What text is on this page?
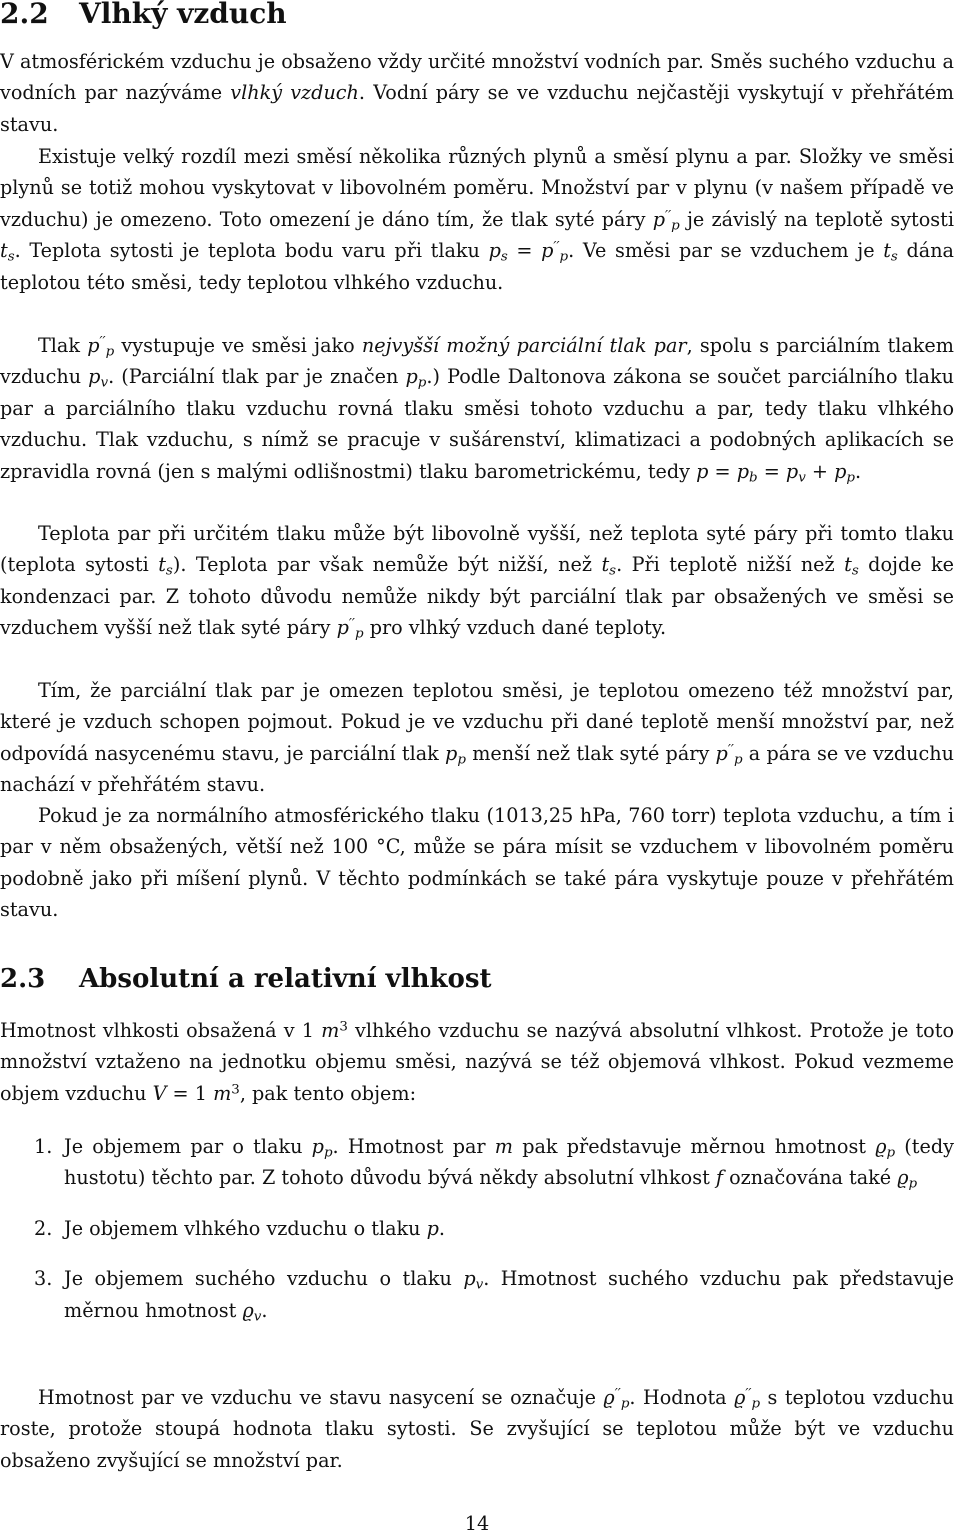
2.2 Vlhký vzduch

V atmosférickém vzduchu je obsaženo vždy určité množství vodních par. Směs suchého vzduchu a vodních par nazýváme vlhký vzduch. Vodní páry se ve vzduchu nejčastěji vyskytují v přehřátém stavu.

Existuje velký rozdíl mezi směsí několika různých plynů a směsí plynu a par. Složky ve směsi plynů se totiž mohou vyskytovat v libovolném poměru. Množství par v plynu (v našem případě ve vzduchu) je omezeno. Toto omezení je dáno tím, že tlak syté páry $p''_p$ je závislý na teplotě sytosti $t_s$. Teplota sytosti je teplota bodu varu při tlaku $p_s = p''_p$. Ve směsi par se vzduchem je $t_s$ dána teplotou této směsi, tedy teplotou vlhkého vzduchu.

Tlak $p''_p$ vystupuje ve směsi jako nejvyšší možný parciální tlak par, spolu s parciálním tlakem vzduchu $p_v$. (Parciální tlak par je značen $p_p$.) Podle Daltonova zákona se součet parciálního tlaku par a parciálního tlaku vzduchu rovná tlaku směsi tohoto vzduchu a par, tedy tlaku vlhkého vzduchu. Tlak vzduchu, s nímž se pracuje v sušárenství, klimatizaci a podobných aplikacích se zpravidla rovná (jen s malými odlišnostmi) tlaku barometrickému, tedy $p = p_b = p_v + p_p$.

Teplota par při určitém tlaku může být libovolně vyšší, než teplota syté páry při tomto tlaku (teplota sytosti $t_s$). Teplota par však nemůže být nižší, než $t_s$. Při teplotě nižší než $t_s$ dojde ke kondenzaci par. Z tohoto důvodu nemůže nikdy být parciální tlak par obsažených ve směsi se vzduchem vyšší než tlak syté páry $p''_p$ pro vlhký vzduch dané teploty.

Tím, že parciální tlak par je omezen teplotou směsi, je teplotou omezeno též množství par, které je vzduch schopen pojmout. Pokud je ve vzduchu při dané teplotě menší množství par, než odpovídá nasycenému stavu, je parciální tlak $p_p$ menší než tlak syté páry $p''_p$ a pára se ve vzduchu nachází v přehřátém stavu.

Pokud je za normálního atmosférického tlaku (1013,25 hPa, 760 torr) teplota vzduchu, a tím i par v něm obsažených, větší než 100 °C, může se pára mísit se vzduchem v libovolném poměru podobně jako při míšení plynů. V těchto podmínkách se také pára vyskytuje pouze v přehřátém stavu.

2.3 Absolutní a relativní vlhkost

Hmotnost vlhkosti obsažená v 1 $m^3$ vlhkého vzduchu se nazývá absolutní vlhkost. Protože je toto množství vztaženo na jednotku objemu směsi, nazývá se též objemová vlhkost. Pokud vezmeme objem vzduchu V = 1 $m^3$, pak tento objem:

1. Je objemem par o tlaku $p_p$. Hmotnost par m pak představuje měrnou hmotnost $ϱ_p$ (tedy hustotu) těchto par. Z tohoto důvodu bývá někdy absolutní vlhkost f označována také $ϱ_p$
2. Je objemem vlhkého vzduchu o tlaku p.
3. Je objemem suchého vzduchu o tlaku $p_v$. Hmotnost suchého vzduchu pak představuje měrnou hmotnost $ϱ_v$.

Hmotnost par ve vzduchu ve stavu nasycení se označuje $ϱ''_p$. Hodnota $ϱ''_p$ s teplotou vzduchu roste, protože stoupá hodnota tlaku sytosti. Se zvyšující se teplotou může být ve vzduchu obsaženo zvyšující se množství par.

14
